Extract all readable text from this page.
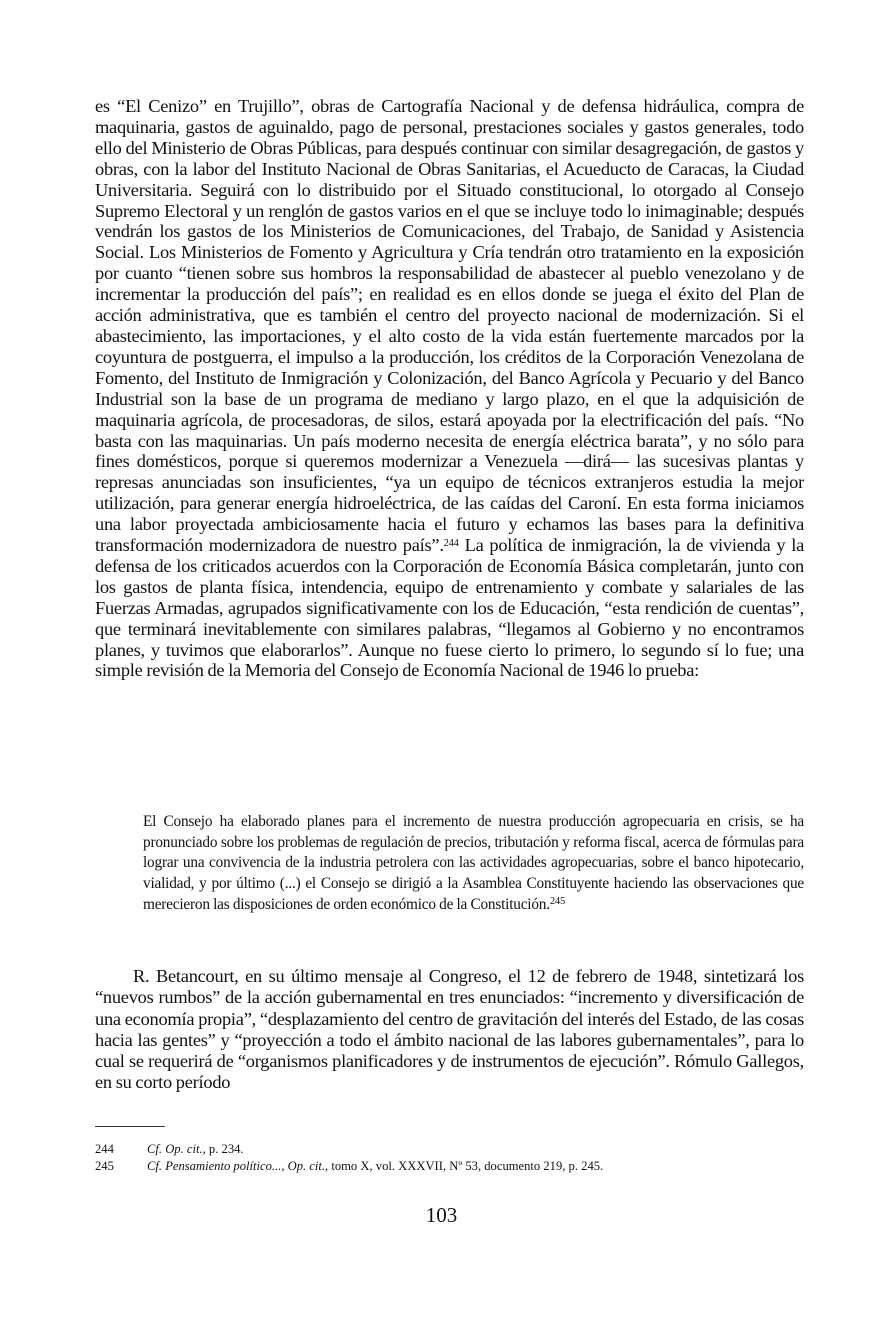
es “El Cenizo” en Trujillo”, obras de Cartografía Nacional y de defensa hidráulica, compra de maquinaria, gastos de aguinaldo, pago de personal, prestaciones sociales y gastos generales, todo ello del Ministerio de Obras Públicas, para después continuar con similar desagregación, de gastos y obras, con la labor del Instituto Nacional de Obras Sanitarias, el Acueducto de Caracas, la Ciudad Universitaria. Seguirá con lo distribuido por el Situado constitucional, lo otorgado al Consejo Supremo Electoral y un renglón de gastos varios en el que se incluye todo lo inimaginable; después vendrán los gastos de los Ministerios de Comunicaciones, del Trabajo, de Sanidad y Asistencia Social. Los Ministerios de Fomento y Agricultura y Cría tendrán otro tratamiento en la exposición por cuanto “tienen sobre sus hombros la responsabilidad de abastecer al pueblo venezolano y de incrementar la producción del país”; en realidad es en ellos donde se juega el éxito del Plan de acción administrativa, que es también el centro del proyecto nacional de modernización. Si el abastecimiento, las importaciones, y el alto costo de la vida están fuertemente marcados por la coyuntura de postguerra, el impulso a la producción, los créditos de la Corporación Venezolana de Fomento, del Instituto de Inmigración y Colonización, del Banco Agrícola y Pecuario y del Banco Industrial son la base de un programa de mediano y largo plazo, en el que la adquisición de maquinaria agrícola, de procesadoras, de silos, estará apoyada por la electrificación del país. “No basta con las maquinarias. Un país moderno necesita de energía eléctrica barata”, y no sólo para fines domésticos, porque si queremos modernizar a Venezuela —dirá— las sucesivas plantas y represas anunciadas son insuficientes, “ya un equipo de técnicos extranjeros estudia la mejor utilización, para generar energía hidroeléctrica, de las caídas del Caroní. En esta forma iniciamos una labor proyectada ambiciosamente hacia el futuro y echamos las bases para la definitiva transformación modernizadora de nuestro país”.$^{244}$ La política de inmigración, la de vivienda y la defensa de los criticados acuerdos con la Corporación de Economía Básica completarán, junto con los gastos de planta física, intendencia, equipo de entrenamiento y combate y salariales de las Fuerzas Armadas, agrupados significativamente con los de Educación, “esta rendición de cuentas”, que terminará inevitablemente con similares palabras, “llegamos al Gobierno y no encontramos planes, y tuvimos que elaborarlos”. Aunque no fuese cierto lo primero, lo segundo sí lo fue; una simple revisión de la Memoria del Consejo de Economía Nacional de 1946 lo prueba:

El Consejo ha elaborado planes para el incremento de nuestra producción agropecuaria en crisis, se ha pronunciado sobre los problemas de regulación de precios, tributación y reforma fiscal, acerca de fórmulas para lograr una convivencia de la industria petrolera con las actividades agropecuarias, sobre el banco hipotecario, vialidad, y por último (...) el Consejo se dirigió a la Asamblea Constituyente haciendo las observaciones que merecieron las disposiciones de orden económico de la Constitución.$^{245}$

R. Betancourt, en su último mensaje al Congreso, el 12 de febrero de 1948, sintetizará los “nuevos rumbos” de la acción gubernamental en tres enunciados: “incremento y diversificación de una economía propia”, “desplazamiento del centro de gravitación del interés del Estado, de las cosas hacia las gentes” y “proyección a todo el ámbito nacional de las labores gubernamentales”, para lo cual se requerirá de “organismos planificadores y de instrumentos de ejecución”. Rómulo Gallegos, en su corto período

244	Cf. Op. cit., p. 234.
245	Cf. Pensamiento político..., Op. cit., tomo X, vol. XXXVII, Nº 53, documento 219, p. 245.
103
